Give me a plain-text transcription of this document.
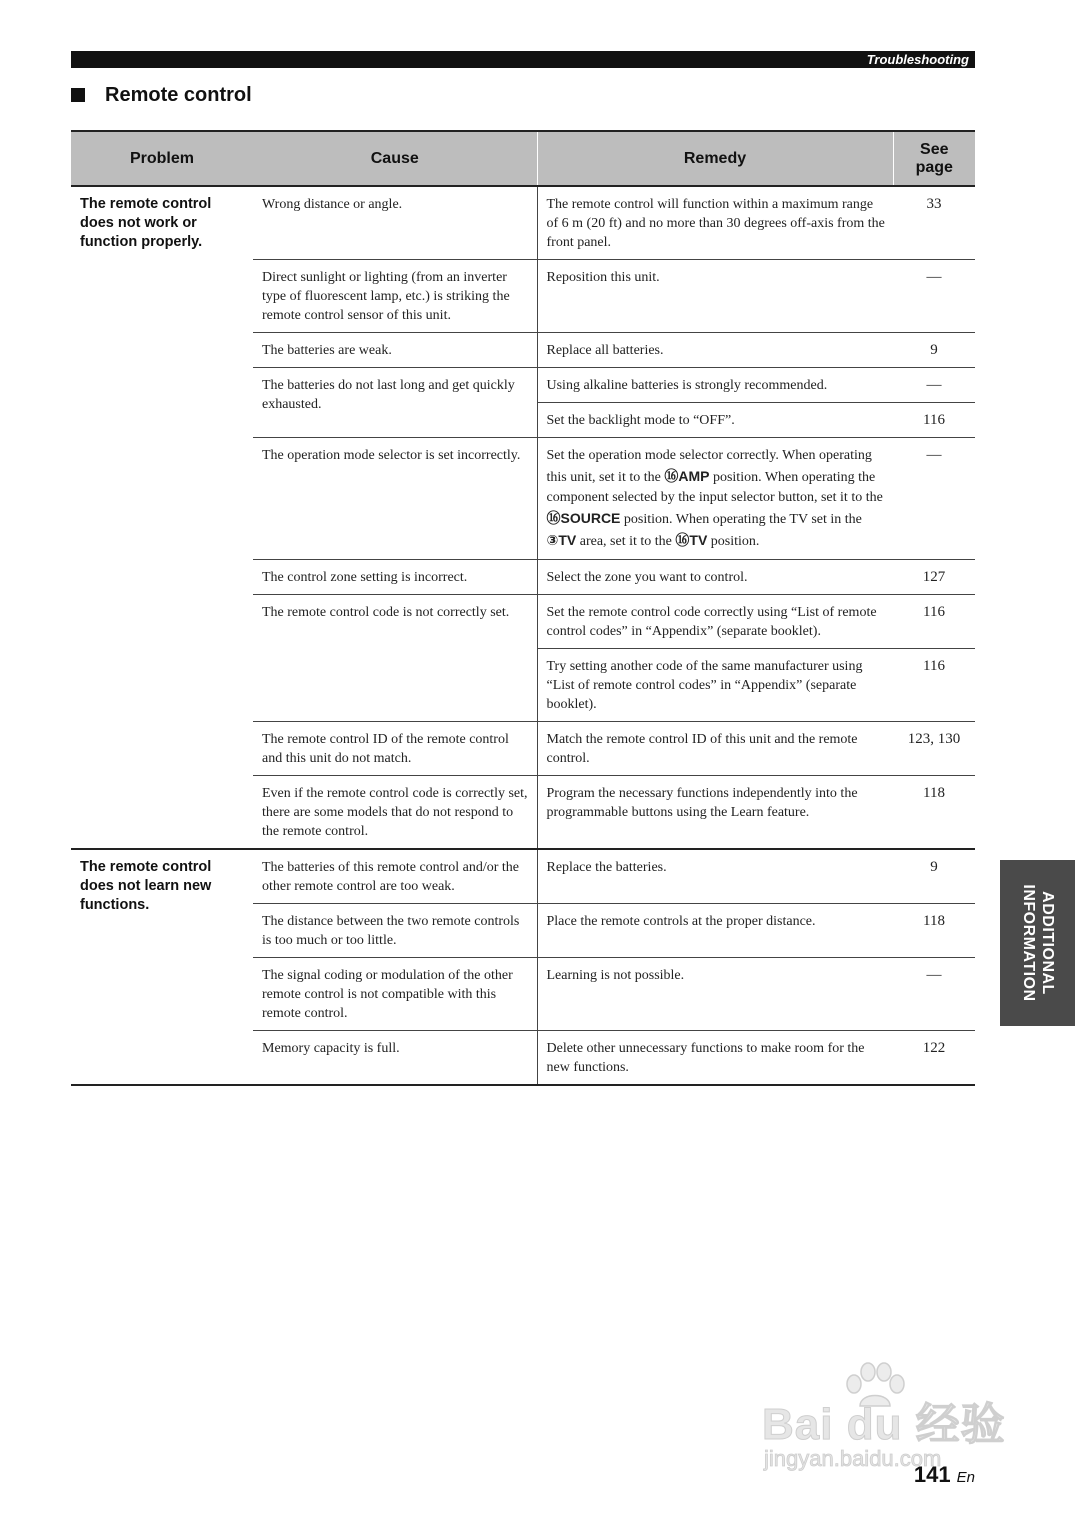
Troubleshooting
Remote control
Problem	Cause	Remedy	See page
The remote control does not work or function properly.	Wrong distance or angle.	The remote control will function within a maximum range of 6 m (20 ft) and no more than 30 degrees off-axis from the front panel.	33
	Direct sunlight or lighting (from an inverter type of fluorescent lamp, etc.) is striking the remote control sensor of this unit.	Reposition this unit.	—
	The batteries are weak.	Replace all batteries.	9
	The batteries do not last long and get quickly exhausted.	Using alkaline batteries is strongly recommended.	—
		Set the backlight mode to “OFF”.	116
	The operation mode selector is set incorrectly.	Set the operation mode selector correctly. When operating this unit, set it to the ⑯AMP position. When operating the component selected by the input selector button, set it to the ⑯SOURCE position. When operating the TV set in the ③TV area, set it to the ⑯TV position.	—
	The control zone setting is incorrect.	Select the zone you want to control.	127
	The remote control code is not correctly set.	Set the remote control code correctly using “List of remote control codes” in “Appendix” (separate booklet).	116
		Try setting another code of the same manufacturer using “List of remote control codes” in “Appendix” (separate booklet).	116
	The remote control ID of the remote control and this unit do not match.	Match the remote control ID of this unit and the remote control.	123, 130
	Even if the remote control code is correctly set, there are some models that do not respond to the remote control.	Program the necessary functions independently into the programmable buttons using the Learn feature.	118
The remote control does not learn new functions.	The batteries of this remote control and/or the other remote control are too weak.	Replace the batteries.	9
	The distance between the two remote controls is too much or too little.	Place the remote controls at the proper distance.	118
	The signal coding or modulation of the other remote control is not compatible with this remote control.	Learning is not possible.	—
	Memory capacity is full.	Delete other unnecessary functions to make room for the new functions.	122
ADDITIONAL
INFORMATION
Bai du 经验
jingyan.baidu.com
141 En
